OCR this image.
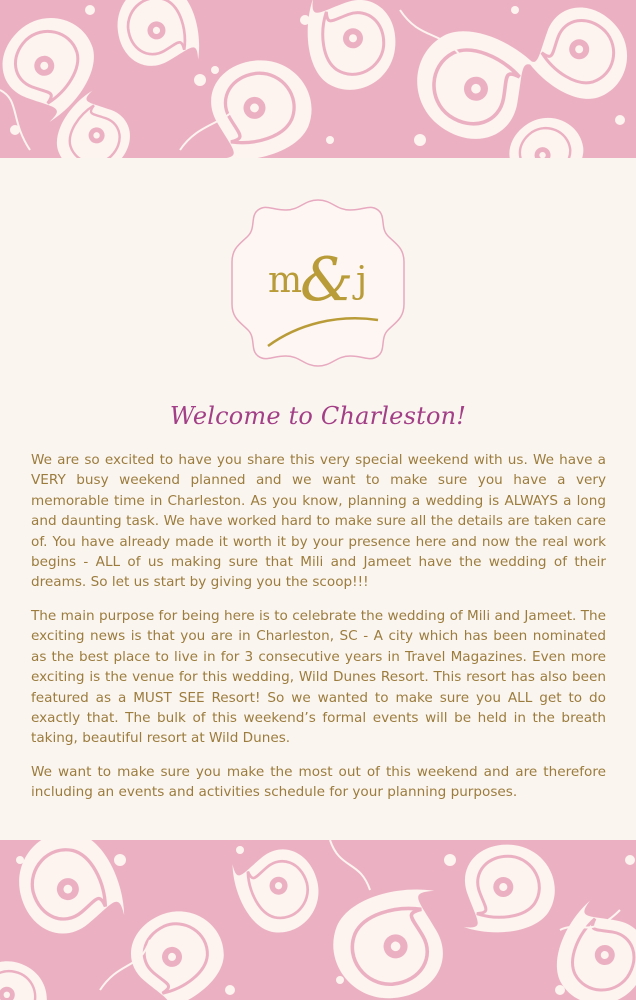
m
& j
Welcome to Charleston!

We are so excited to have you share this very special weekend with us. We have a VERY busy weekend planned and we want to make sure you have a very memorable time in Charleston. As you know, planning a wedding is ALWAYS a long and daunting task. We have worked hard to make sure all the details are taken care of. You have already made it worth it by your presence here and now the real work begins - ALL of us making sure that Mili and Jameet have the wedding of their dreams. So let us start by giving you the scoop!!!

The main purpose for being here is to celebrate the wedding of Mili and Jameet. The exciting news is that you are in Charleston, SC - A city which has been nominated as the best place to live in for 3 consecutive years in Travel Magazines. Even more exciting is the venue for this wedding, Wild Dunes Resort. This resort has also been featured as a MUST SEE Resort! So we wanted to make sure you ALL get to do exactly that. The bulk of this weekend’s formal events will be held in the breath taking, beautiful resort at Wild Dunes.

We want to make sure you make the most out of this weekend and are therefore including an events and activities schedule for your planning purposes.
